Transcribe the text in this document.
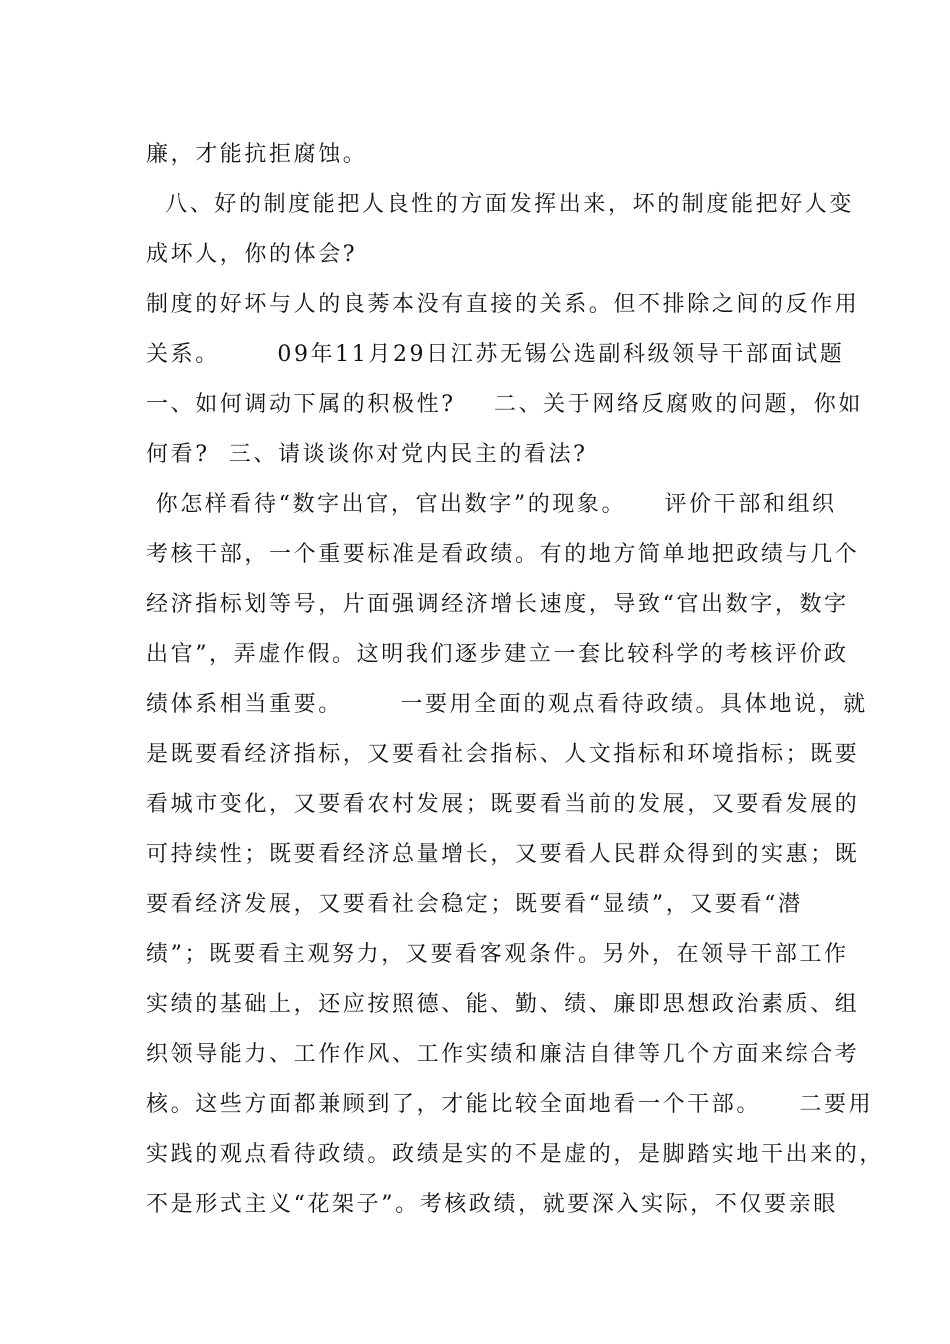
廉，才能抗拒腐蚀。
八、好的制度能把人良性的方面发挥出来，坏的制度能把好人变
成坏人，你的体会?
制度的好坏与人的良莠本没有直接的关系。但不排除之间的反作用
关系。      09年11月29日江苏无锡公选副科级领导干部面试题
一、如何调动下属的积极性?    二、关于网络反腐败的问题，你如
何看?  三、请谈谈你对党内民主的看法?
你怎样看待“数字出官，官出数字”的现象。    评价干部和组织
考核干部，一个重要标准是看政绩。有的地方简单地把政绩与几个
经济指标划等号，片面强调经济增长速度，导致“官出数字，数字
出官”，弄虚作假。这明我们逐步建立一套比较科学的考核评价政
绩体系相当重要。      一要用全面的观点看待政绩。具体地说，就
是既要看经济指标，又要看社会指标、人文指标和环境指标；既要
看城市变化，又要看农村发展；既要看当前的发展，又要看发展的
可持续性；既要看经济总量增长，又要看人民群众得到的实惠；既
要看经济发展，又要看社会稳定；既要看“显绩”，又要看“潜
绩”；既要看主观努力，又要看客观条件。另外，在领导干部工作
实绩的基础上，还应按照德、能、勤、绩、廉即思想政治素质、组
织领导能力、工作作风、工作实绩和廉洁自律等几个方面来综合考
核。这些方面都兼顾到了，才能比较全面地看一个干部。    二要用
实践的观点看待政绩。政绩是实的不是虚的，是脚踏实地干出来的，
不是形式主义“花架子”。考核政绩，就要深入实际，不仅要亲眼
